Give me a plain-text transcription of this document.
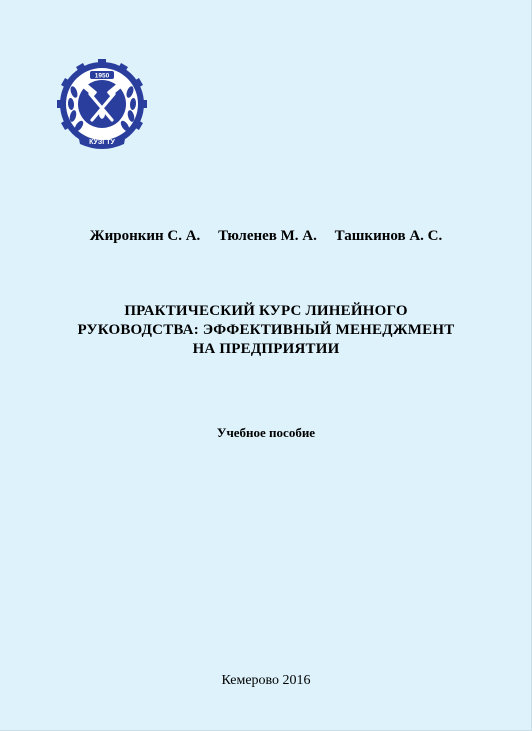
1950
КУЗГТУ
Жиронкин С. А. Тюленев М. А. Ташкинов А. С.
ПРАКТИЧЕСКИЙ КУРС ЛИНЕЙНОГО
РУКОВОДСТВА: ЭФФЕКТИВНЫЙ МЕНЕДЖМЕНТ
НА ПРЕДПРИЯТИИ
Учебное пособие
Кемерово 2016
